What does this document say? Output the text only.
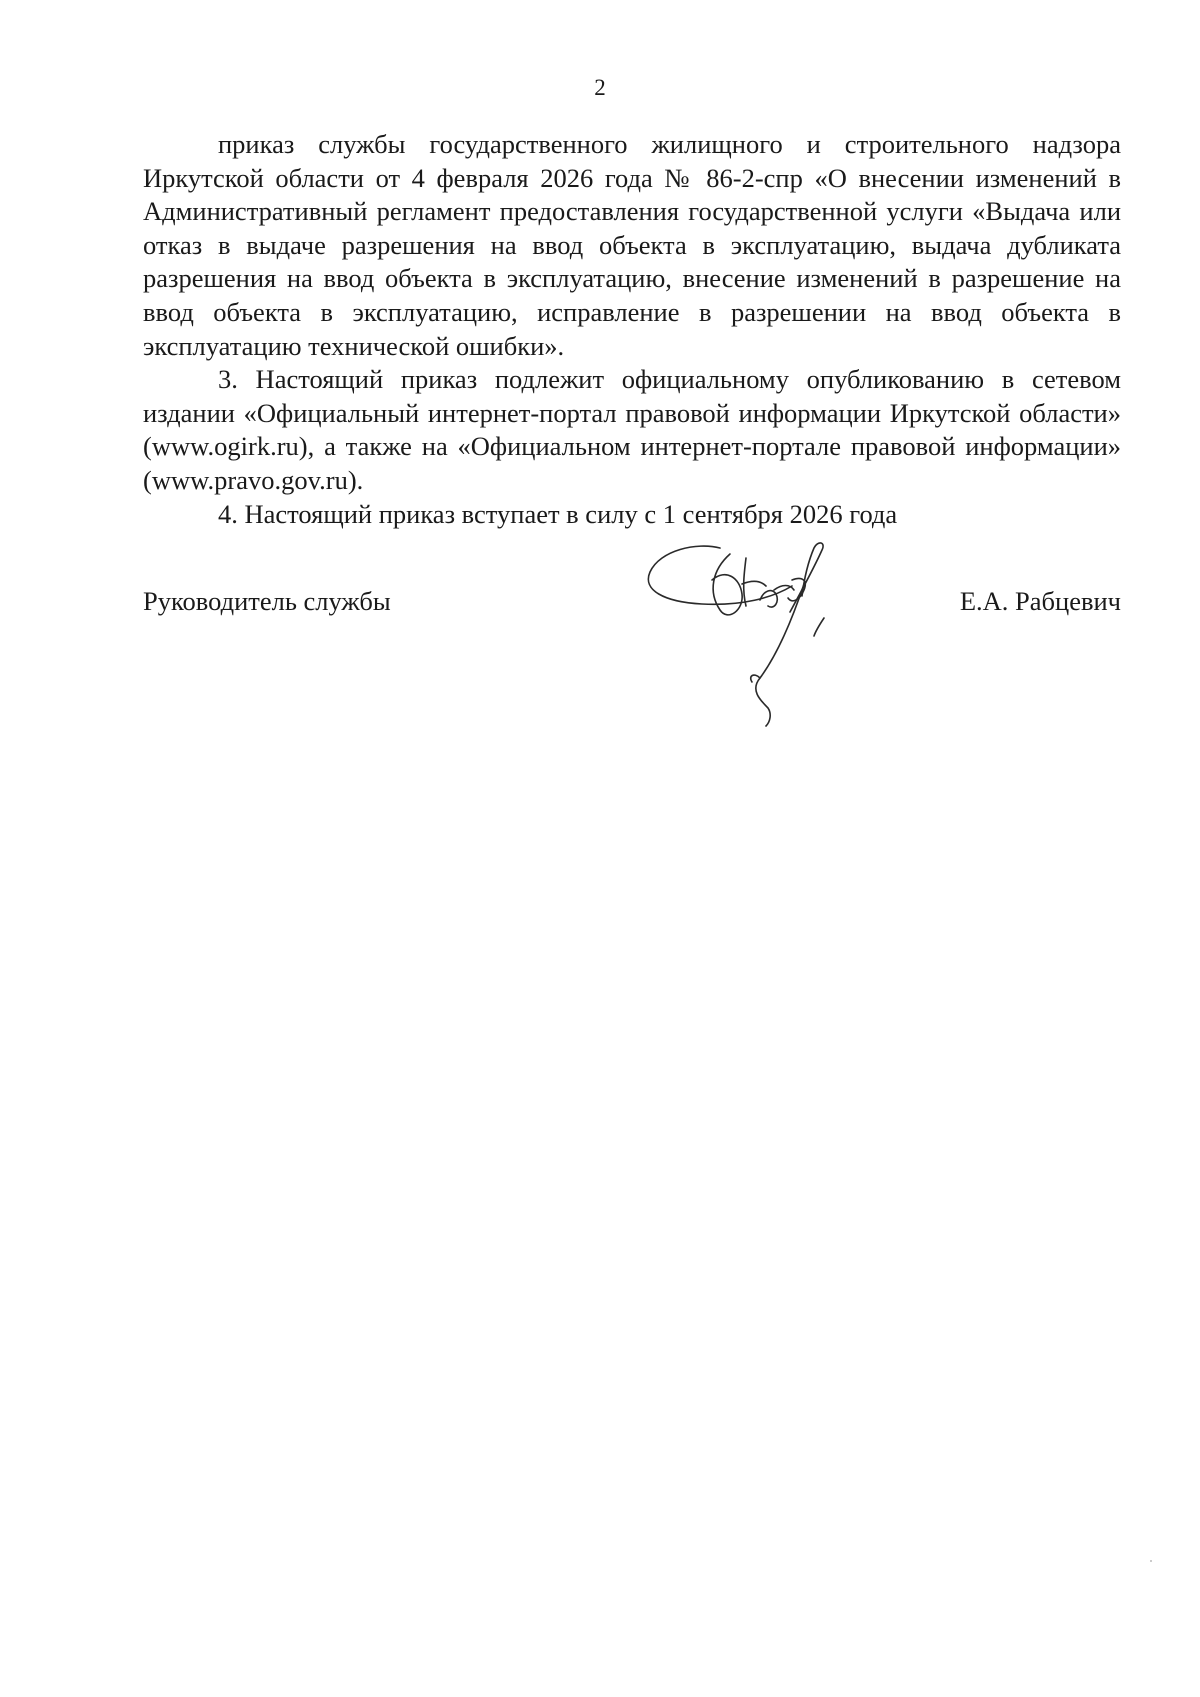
2

приказ службы государственного жилищного и строительного надзора Иркутской области от 4 февраля 2026 года № 86-2-спр «О внесении изменений в Административный регламент предоставления государственной услуги «Выдача или отказ в выдаче разрешения на ввод объекта в эксплуатацию, выдача дубликата разрешения на ввод объекта в эксплуатацию, внесение изменений в разрешение на ввод объекта в эксплуатацию, исправление в разрешении на ввод объекта в эксплуатацию технической ошибки».

3. Настоящий приказ подлежит официальному опубликованию в сетевом издании «Официальный интернет-портал правовой информации Иркутской области» (www.ogirk.ru), а также на «Официальном интернет-портале правовой информации» (www.pravo.gov.ru).

4. Настоящий приказ вступает в силу с 1 сентября 2026 года

Руководитель службы	Е.А. Рабцевич
